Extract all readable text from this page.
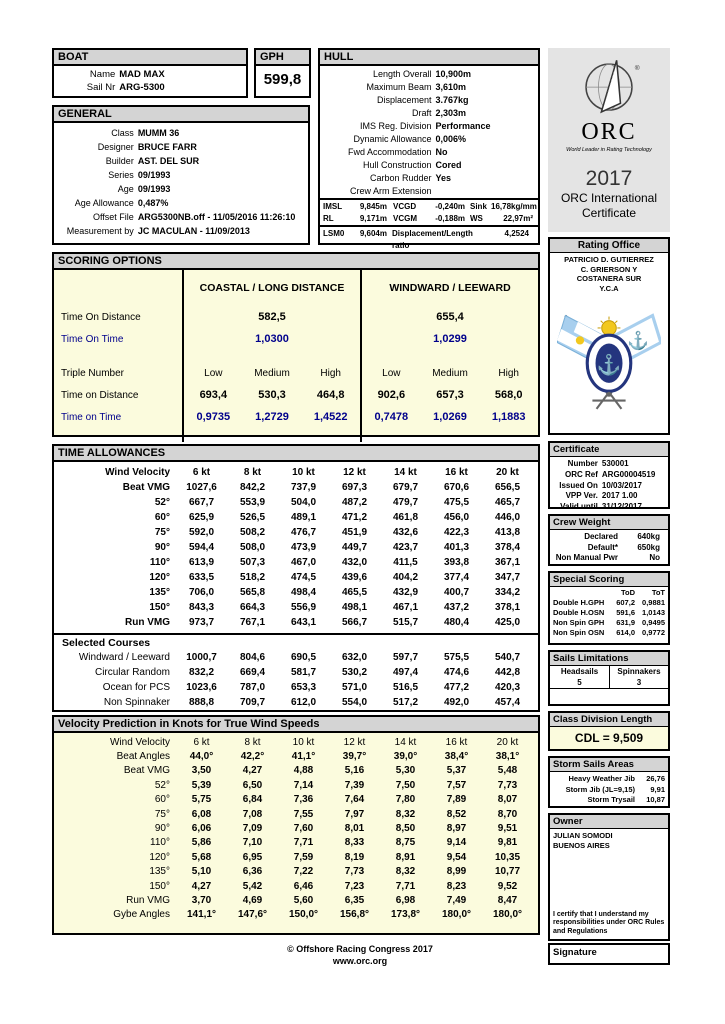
BOAT
Name MAD MAX
Sail Nr ARG-5300
GPH
599,8
HULL
Length Overall 10,900m
Maximum Beam 3,610m
Displacement 3.767kg
Draft 2,303m
IMS Reg. Division Performance
Dynamic Allowance 0,006%
Fwd Accommodation No
Hull Construction Cored
Carbon Rudder Yes
Crew Arm Extension
IMSL	9,845m VCGD	-0,240m Sink 16,78kg/mm
RL	9,171m VCGM	-0,188m WS	22,97m²
LSM0	9,604m Displacement/Length ratio
4,2524
GENERAL
Class MUMM 36
Designer BRUCE FARR
Builder AST. DEL SUR
Series 09/1993
Age 09/1993
Age Allowance 0,487%
Offset File ARG5300NB.off - 11/05/2016 11:26:10
Measurement by JC MACULAN - 11/09/2013
SCORING OPTIONS
COASTAL / LONG DISTANCE	WINDWARD / LEEWARD
Time On Distance	582,5	655,4
Time On Time	1,0300	1,0299
Triple Number	Low	Medium	High	Low	Medium	High
Time on Distance	693,4	530,3	464,8	902,6	657,3	568,0
Time on Time	0,9735	1,2729	1,4522	0,7478	1,0269	1,1883
TIME ALLOWANCES
Wind Velocity	6 kt	8 kt	10 kt	12 kt	14 kt	16 kt	20 kt
Beat VMG	1027,6	842,2	737,9	697,3	679,7	670,6	656,5
52°	667,7	553,9	504,0	487,2	479,7	475,5	465,7
60°	625,9	526,5	489,1	471,2	461,8	456,0	446,0
75°	592,0	508,2	476,7	451,9	432,6	422,3	413,8
90°	594,4	508,0	473,9	449,7	423,7	401,3	378,4
110°	613,9	507,3	467,0	432,0	411,5	393,8	367,1
120°	633,5	518,2	474,5	439,6	404,2	377,4	347,7
135°	706,0	565,8	498,4	465,5	432,9	400,7	334,2
150°	843,3	664,3	556,9	498,1	467,1	437,2	378,1
Run VMG	973,7	767,1	643,1	566,7	515,7	480,4	425,0
Selected Courses
Windward / Leeward	1000,7	804,6	690,5	632,0	597,7	575,5	540,7
Circular Random	832,2	669,4	581,7	530,2	497,4	474,6	442,8
Ocean for PCS	1023,6	787,0	653,3	571,0	516,5	477,2	420,3
Non Spinnaker	888,8	709,7	612,0	554,0	517,2	492,0	457,4
Velocity Prediction in Knots for True Wind Speeds
Wind Velocity	6 kt	8 kt	10 kt	12 kt	14 kt	16 kt	20 kt
Beat Angles	44,0°	42,2°	41,1°	39,7°	39,0°	38,4°	38,1°
Beat VMG	3,50	4,27	4,88	5,16	5,30	5,37	5,48
52°	5,39	6,50	7,14	7,39	7,50	7,57	7,73
60°	5,75	6,84	7,36	7,64	7,80	7,89	8,07
75°	6,08	7,08	7,55	7,97	8,32	8,52	8,70
90°	6,06	7,09	7,60	8,01	8,50	8,97	9,51
110°	5,86	7,10	7,71	8,33	8,75	9,14	9,81
120°	5,68	6,95	7,59	8,19	8,91	9,54	10,35
135°	5,10	6,36	7,22	7,73	8,32	8,99	10,77
150°	4,27	5,42	6,46	7,23	7,71	8,23	9,52
Run VMG	3,70	4,69	5,60	6,35	6,98	7,49	8,47
Gybe Angles	141,1°	147,6°	150,0°	156,8°	173,8°	180,0°	180,0°
®
ORC
World Leader in Rating Technology
2017
ORC International
Certificate
Rating Office
PATRICIO D. GUTIERREZ
C. GRIERSON Y
COSTANERA SUR
Y.C.A
⚓
⚓
Certificate
Number 530001
ORC Ref ARG00004519
Issued On 10/03/2017
VPP Ver. 2017 1.00
Valid until 31/12/2017
Crew Weight
Declared	640kg
Default*	650kg
Non Manual Pwr	No
Special Scoring
ToD	ToT
Double H.GPH	607,2 0,9881
Double H.OSN	591,6 1,0143
Non Spin GPH	631,9 0,9495
Non Spin OSN	614,0 0,9772
Sails Limitations
Headsails	Spinnakers
5	3
Class Division Length
CDL = 9,509
Storm Sails Areas
Heavy Weather Jib	26,76
Storm Jib (JL=9,15)	9,91
Storm Trysail	10,87
Owner
JULIAN SOMODI
BUENOS AIRES
I certify that I understand my responsibilities under ORC Rules and Regulations
Signature
© Offshore Racing Congress 2017
www.orc.org
